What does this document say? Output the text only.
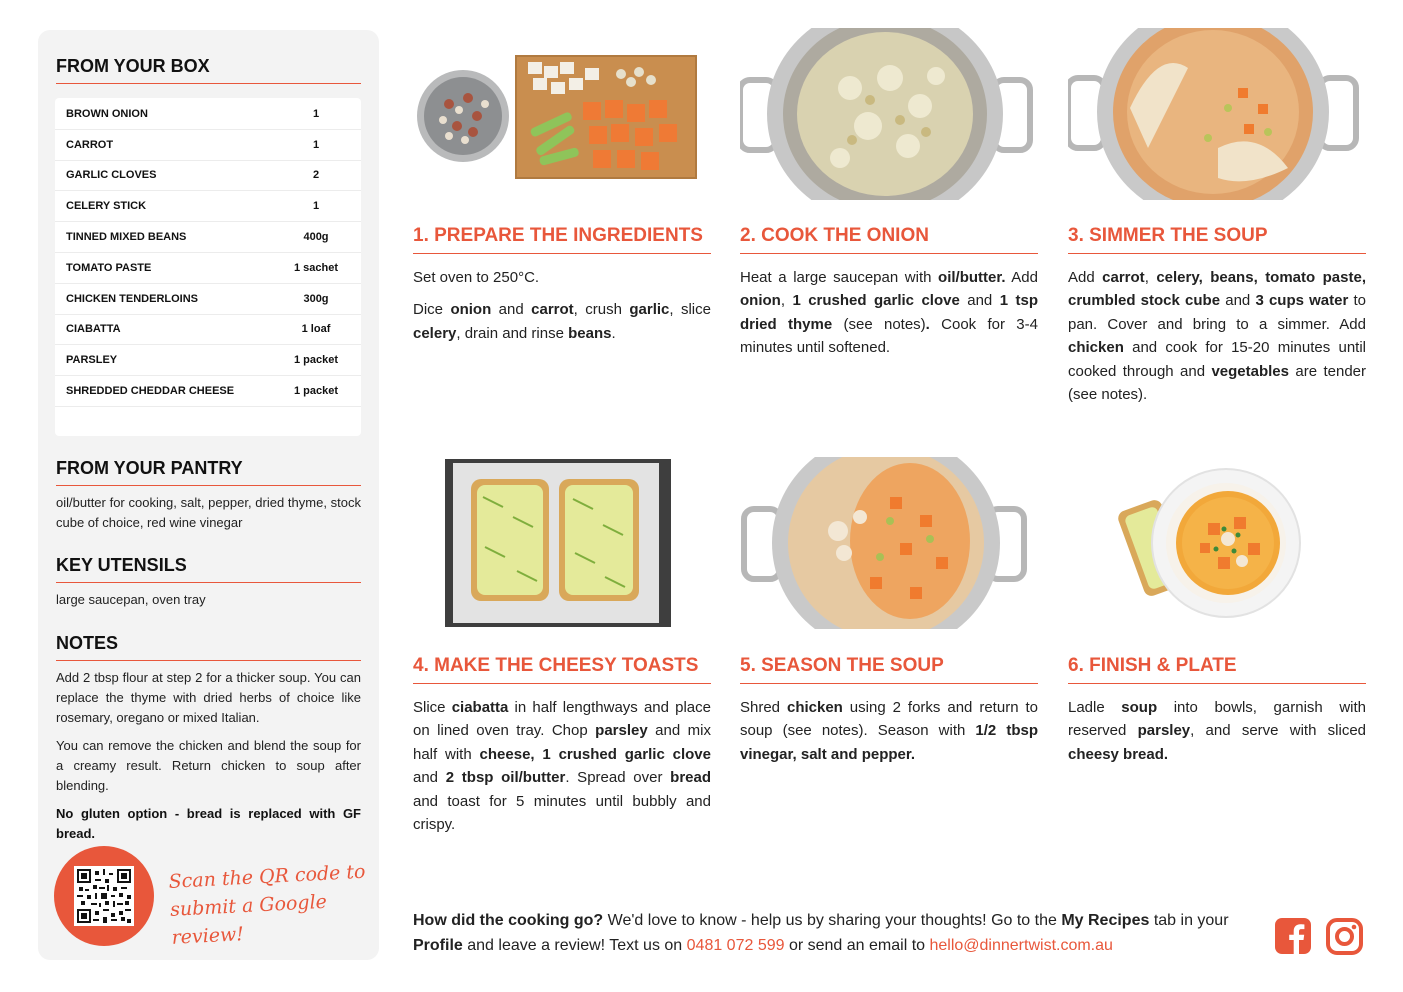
FROM YOUR BOX
BROWN ONION	1
CARROT	1
GARLIC CLOVES	2
CELERY STICK	1
TINNED MIXED BEANS	400g
TOMATO PASTE	1 sachet
CHICKEN TENDERLOINS	300g
CIABATTA	1 loaf
PARSLEY	1 packet
SHREDDED CHEDDAR CHEESE	1 packet
FROM YOUR PANTRY
oil/butter for cooking, salt, pepper, dried thyme, stock cube of choice, red wine vinegar
KEY UTENSILS
large saucepan, oven tray
NOTES
Add 2 tbsp flour at step 2 for a thicker soup. You can replace the thyme with dried herbs of choice like rosemary, oregano or mixed Italian.
You can remove the chicken and blend the soup for a creamy result. Return chicken to soup after blending.
No gluten option - bread is replaced with GF bread.
Scan the QR code to
submit a Google review!
1. PREPARE THE INGREDIENTS

Set oven to 250°C.

Dice onion and carrot, crush garlic, slice celery, drain and rinse beans.

2. COOK THE ONION

Heat a large saucepan with oil/butter. Add onion, 1 crushed garlic clove and 1 tsp dried thyme (see notes). Cook for 3-4 minutes until softened.

3. SIMMER THE SOUP

Add carrot, celery, beans, tomato paste, crumbled stock cube and 3 cups water to pan. Cover and bring to a simmer. Add chicken and cook for 15-20 minutes until cooked through and vegetables are tender (see notes).

4. MAKE THE CHEESY TOASTS

Slice ciabatta in half lengthways and place on lined oven tray. Chop parsley and mix half with cheese, 1 crushed garlic clove and 2 tbsp oil/butter. Spread over bread and toast for 5 minutes until bubbly and crispy.

5. SEASON THE SOUP

Shred chicken using 2 forks and return to soup (see notes). Season with 1/2 tbsp vinegar, salt and pepper.

6. FINISH & PLATE

Ladle soup into bowls, garnish with reserved parsley, and serve with sliced cheesy bread.

How did the cooking go? We'd love to know - help us by sharing your thoughts! Go to the My Recipes tab in your Profile and leave a review! Text us on 0481 072 599 or send an email to hello@dinnertwist.com.au
